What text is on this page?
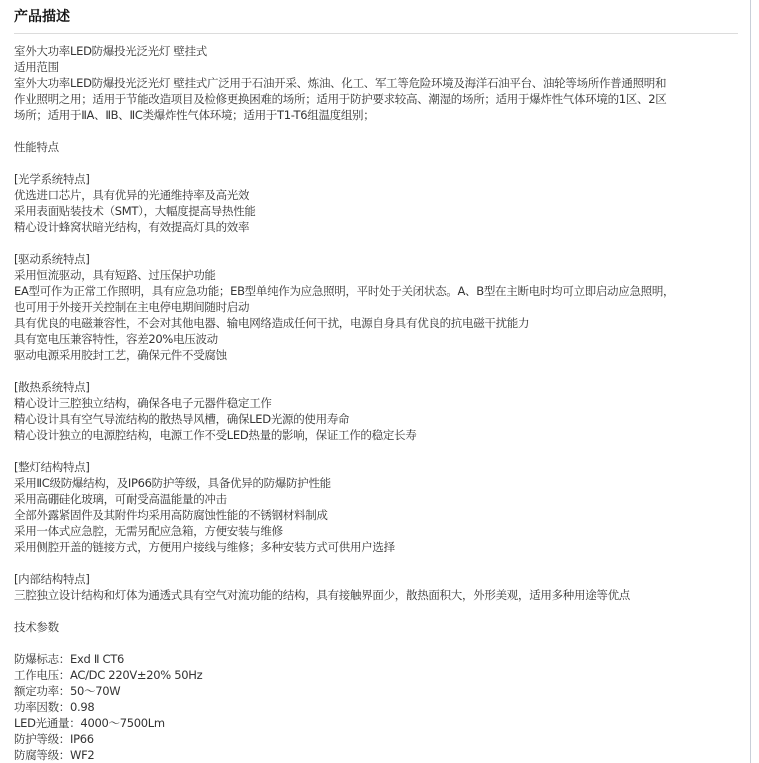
产品描述
室外大功率LED防爆投光泛光灯 壁挂式
适用范围
室外大功率LED防爆投光泛光灯 壁挂式广泛用于石油开采、炼油、化工、军工等危险环境及海洋石油平台、油轮等场所作普通照明和
作业照明之用；适用于节能改造项目及检修更换困难的场所；适用于防护要求较高、潮湿的场所；适用于爆炸性气体环境的1区、2区
场所；适用于ⅡA、ⅡB、ⅡC类爆炸性气体环境；适用于T1-T6组温度组别；
性能特点
[光学系统特点]
优选进口芯片，具有优异的光通维持率及高光效
采用表面贴装技术（SMT），大幅度提高导热性能
精心设计蜂窝状暗光结构，有效提高灯具的效率
[驱动系统特点]
采用恒流驱动，具有短路、过压保护功能
EA型可作为正常工作照明，具有应急功能；EB型单纯作为应急照明，平时处于关闭状态。A、B型在主断电时均可立即启动应急照明，
也可用于外接开关控制在主电停电期间随时启动
具有优良的电磁兼容性，不会对其他电器、输电网络造成任何干扰，电源自身具有优良的抗电磁干扰能力
具有宽电压兼容特性，容差20%电压波动
驱动电源采用胶封工艺，确保元件不受腐蚀
[散热系统特点]
精心设计三腔独立结构，确保各电子元器件稳定工作
精心设计具有空气导流结构的散热导风槽，确保LED光源的使用寿命
精心设计独立的电源腔结构，电源工作不受LED热量的影响，保证工作的稳定长寿
[整灯结构特点]
采用ⅡC级防爆结构，及IP66防护等级，具备优异的防爆防护性能
采用高硼硅化玻璃，可耐受高温能量的冲击
全部外露紧固件及其附件均采用高防腐蚀性能的不锈钢材料制成
采用一体式应急腔，无需另配应急箱，方便安装与维修
采用侧腔开盖的链接方式，方便用户接线与维修；多种安装方式可供用户选择
[内部结构特点]
三腔独立设计结构和灯体为通透式具有空气对流功能的结构，具有接触界面少，散热面积大，外形美观，适用多种用途等优点
技术参数
防爆标志：Exd Ⅱ CT6
工作电压：AC/DC 220V±20% 50Hz
额定功率：50～70W
功率因数：0.98
LED光通量：4000～7500Lm
防护等级：IP66
防腐等级：WF2
